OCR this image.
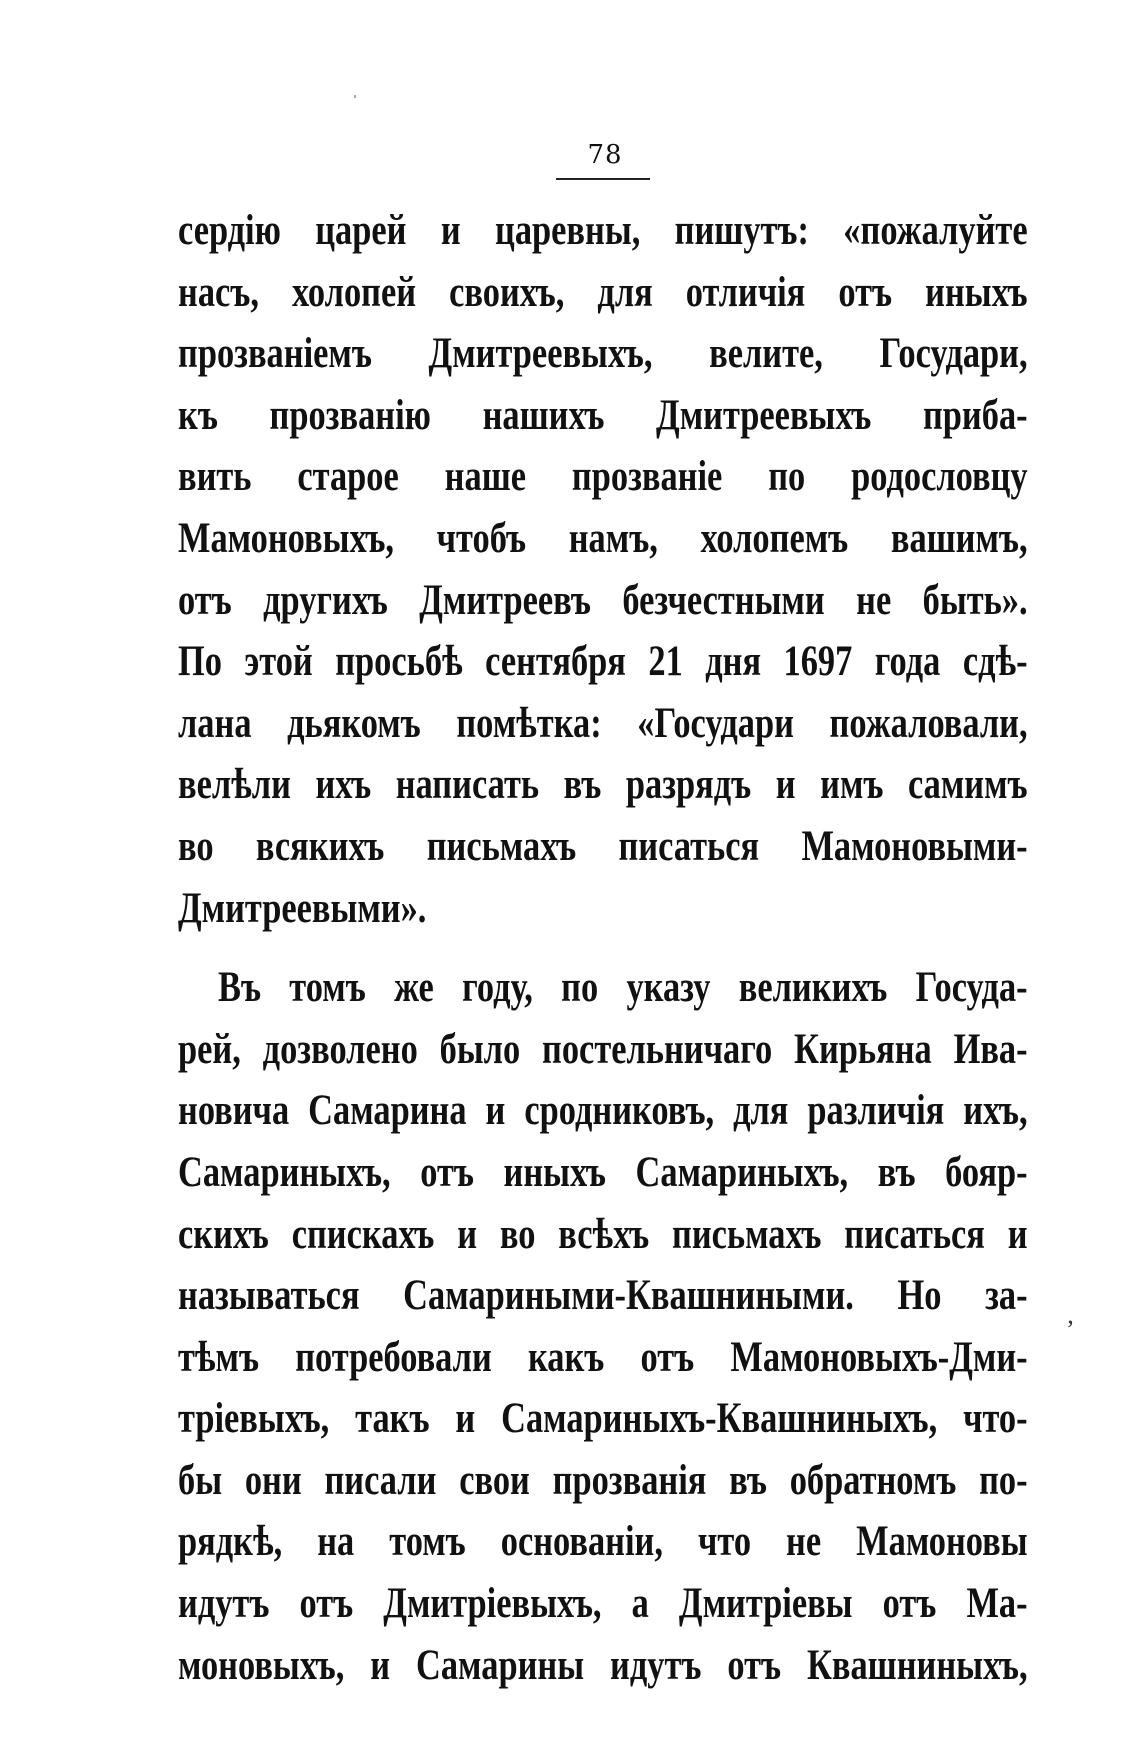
78
сердiю царей и царевны, пишутъ: «пожалуйте
насъ, холопей своихъ, для отличiя отъ иныхъ
прозванiемъ Дмитреевыхъ, велите, Государи,
къ прозванiю нашихъ Дмитреевыхъ приба-
вить старое наше прозванiе по родословцу
Мамоновыхъ, чтобъ намъ, холопемъ вашимъ,
отъ другихъ Дмитреевъ безчестными не быть».
По этой просьбѣ сентября 21 дня 1697 года сдѣ-
лана дьякомъ помѣтка: «Государи пожаловали,
велѣли ихъ написать въ разрядъ и имъ самимъ
во всякихъ письмахъ писаться Мамоновыми-
Дмитреевыми».
Въ томъ же году, по указу великихъ Госуда-
рей, дозволено было постельничаго Кирьяна Ива-
новича Самарина и сродниковъ, для различiя ихъ,
Самариныхъ, отъ иныхъ Самариныхъ, въ бояр-
скихъ спискахъ и во всѣхъ письмахъ писаться и
называться Самариными-Квашниными. Но за-
тѣмъ потребовали какъ отъ Мамоновыхъ-Дми-
трiевыхъ, такъ и Самариныхъ-Квашниныхъ, что-
бы они писали свои прозванiя въ обратномъ по-
рядкѣ, на томъ основанiи, что не Мамоновы
идутъ отъ Дмитрiевыхъ, а Дмитрiевы отъ Ма-
моновыхъ, и Самарины идутъ отъ Квашниныхъ,
‚
